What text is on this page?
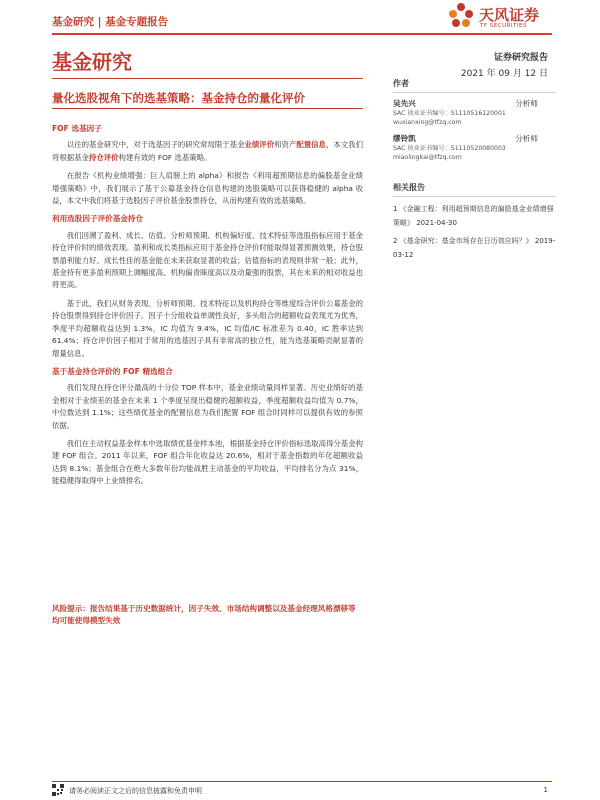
基金研究 | 基金专题报告	天风证券
TF SECURITIES
基金研究	证券研究报告
2021 年 09 月 12 日
量化选股视角下的选基策略：基金持仓的量化评价
FOF 选基因子

以往的基金研究中，对于选基因子的研究常局限于基金业绩评价和资产配置信息，本文我们将根据基金持仓评价构建有效的 FOF 选基策略。

在报告《机构业绩增强：巨人肩膀上的 alpha》和报告《利用超预期信息的偏股基金业绩增强策略》中，我们展示了基于公募基金持仓信息构建的选股策略可以获得稳健的 alpha 收益，本文中我们将基于选股因子评价基金股票持仓，从而构建有效的选基策略。

利用选股因子评价基金持仓

我们回溯了盈利、成长、估值、分析师预期、机构偏好度、技术特征等选股指标应用于基金持仓评价时的绩效表现。盈利和成长类指标应用于基金持仓评价时能取得显著预测效果，持仓股票盈利能力好、成长性佳的基金能在未来获取显著的收益；估值指标的表现则非常一般；此外，基金持有更多盈利预期上调幅度高、机构偏青睐度高以及动量强的股票，其在未来的相对收益也将更高。

基于此，我们从财务表现、分析师预期、技术特征以及机构持仓等维度综合评价公募基金的持仓股票得到持仓评价因子。因子十分组收益单调性良好，多头组合的超额收益表现尤为优秀，季度平均超额收益达到 1.3%，IC 均值为 9.4%，IC 均值/IC 标准差为 0.40，IC 胜率达到 61.4%；持仓评价因子相对于常用的选基因子具有非常高的独立性，能为选基策略贡献显著的增量信息。

基于基金持仓评价的 FOF 精选组合

我们发现在持仓评分最高的十分位 TOP 样本中，基金业绩动量同样显著。历史业绩好的基金相对于业绩差的基金在未来 1 个季度呈现出稳健的超额收益，季度超额收益均值为 0.7%，中位数达到 1.1%；这些绩优基金的配置信息为我们配置 FOF 组合时同样可以提供有效的参照依据。

我们在主动权益基金样本中选取绩优基金样本池，根据基金持仓评价指标选取高得分基金构建 FOF 组合。2011 年以来，FOF 组合年化收益达 20.6%，相对于基金指数的年化超额收益达到 8.1%；基金组合在绝大多数年份均能战胜主动基金的平均收益，平均排名分为点 31%，能稳健得取得中上业绩排名。

风险提示：报告结果基于历史数据统计，因子失效、市场结构调整以及基金经理风格漂移等均可能使得模型失效
作者
吴先兴	分析师
SAC 执业证书编号：S1110516120001
wuxianxing@tfzq.com
缪铃凯	分析师
SAC 执业证书编号：S1110520080003
miaolingkai@tfzq.com
相关报告
1 《金融工程：利用超预期信息的偏股基金业绩增强策略》 2021-04-30
2 《基金研究：基金市场存在日历效应吗？》 2019-03-12
请务必阅读正文之后的信息披露和免责申明	1
